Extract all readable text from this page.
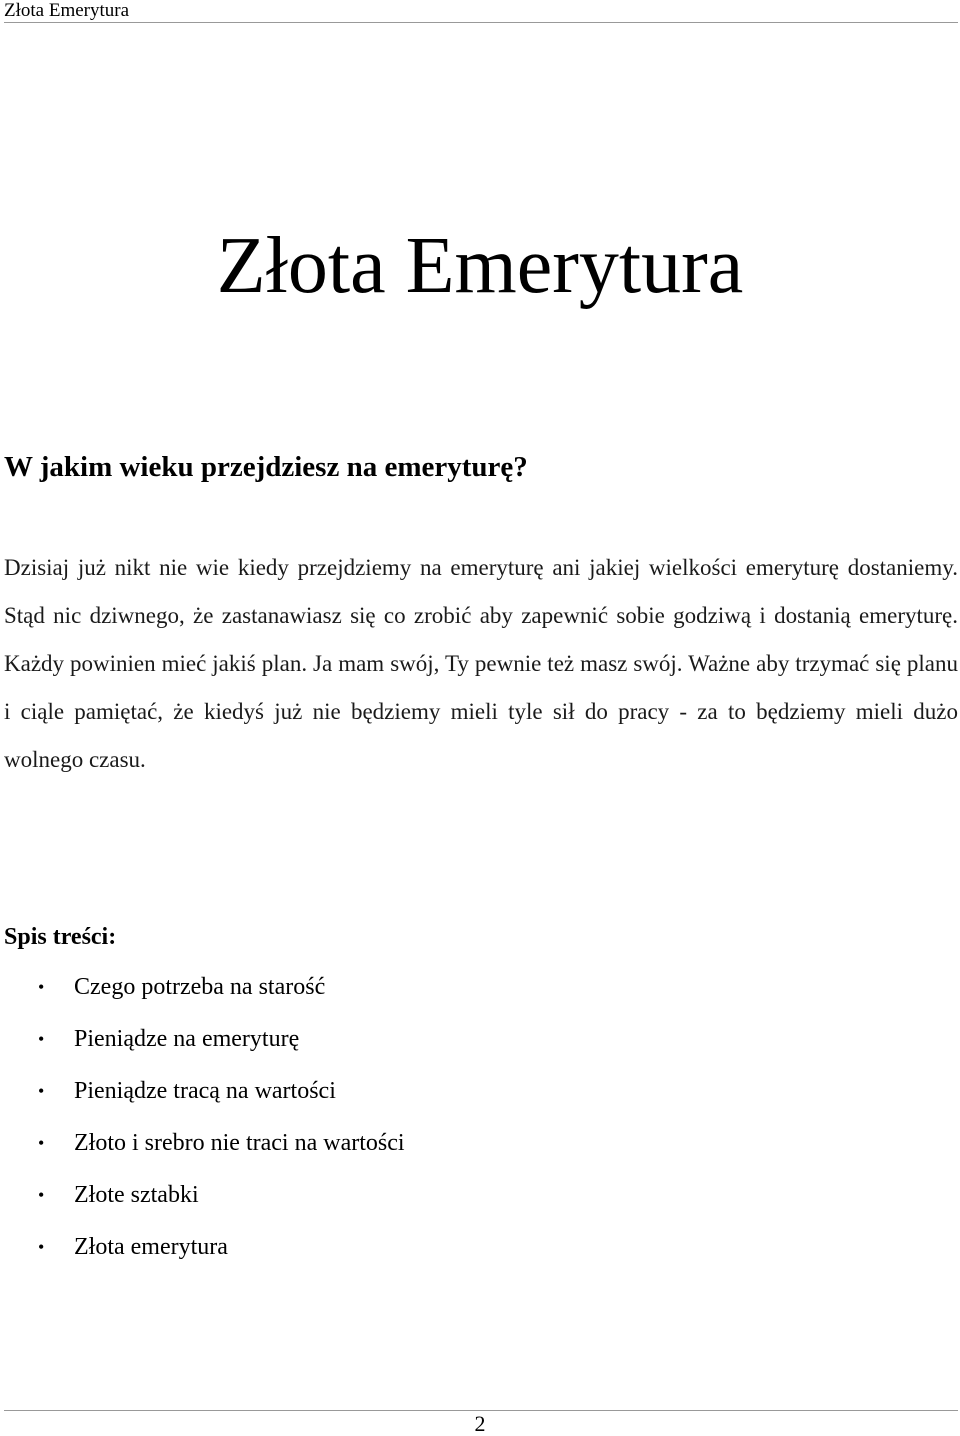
Złota Emerytura
Złota Emerytura
W jakim wieku przejdziesz na emeryturę?

Dzisiaj już nikt nie wie kiedy przejdziemy na emeryturę ani jakiej wielkości emeryturę dostaniemy. Stąd nic dziwnego, że zastanawiasz się co zrobić aby zapewnić sobie godziwą i dostanią emeryturę. Każdy powinien mieć jakiś plan. Ja mam swój, Ty pewnie też masz swój. Ważne aby trzymać się planu i ciąle pamiętać, że kiedyś już nie będziemy mieli tyle sił do pracy - za to będziemy mieli dużo wolnego czasu.

Spis treści:
•	Czego potrzeba na starość
•	Pieniądze na emeryturę
•	Pieniądze tracą na wartości
•	Złoto i srebro nie traci na wartości
•	Złote sztabki
•	Złota emerytura
2
